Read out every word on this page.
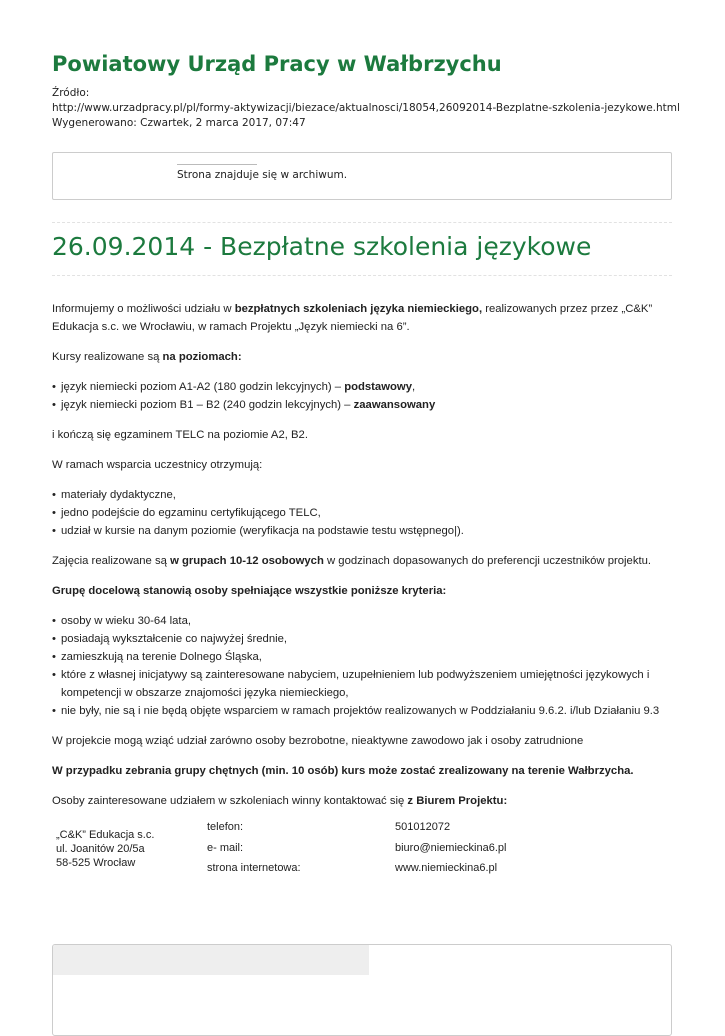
Powiatowy Urząd Pracy w Wałbrzychu
Źródło:
http://www.urzadpracy.pl/pl/formy-aktywizacji/biezace/aktualnosci/18054,26092014-Bezplatne-szkolenia-jezykowe.html
Wygenerowano: Czwartek, 2 marca 2017, 07:47
Strona znajduje się w archiwum.
26.09.2014 - Bezpłatne szkolenia językowe

Informujemy o możliwości udziału w bezpłatnych szkoleniach języka niemieckiego, realizowanych przez przez „C&K” Edukacja s.c. we Wrocławiu, w ramach Projektu „Język niemiecki na 6”.

Kursy realizowane są na poziomach:

• język niemiecki poziom A1-A2 (180 godzin lekcyjnych) – podstawowy,
• język niemiecki poziom B1 – B2 (240 godzin lekcyjnych) – zaawansowany

i kończą się egzaminem TELC na poziomie A2, B2.

W ramach wsparcia uczestnicy otrzymują:

• materiały dydaktyczne,
• jedno podejście do egzaminu certyfikującego TELC,
• udział w kursie na danym poziomie (weryfikacja na podstawie testu wstępnego|).

Zajęcia realizowane są w grupach 10-12 osobowych w godzinach dopasowanych do preferencji uczestników projektu.

Grupę docelową stanowią osoby spełniające wszystkie poniższe kryteria:

• osoby w wieku 30-64 lata,
• posiadają wykształcenie co najwyżej średnie,
• zamieszkują na terenie Dolnego Śląska,
• które z własnej inicjatywy są zainteresowane nabyciem, uzupełnieniem lub podwyższeniem umiejętności językowych i kompetencji w obszarze znajomości języka niemieckiego,
• nie były, nie są i nie będą objęte wsparciem w ramach projektów realizowanych w Poddziałaniu 9.6.2. i/lub Działaniu 9.3

W projekcie mogą wziąć udział zarówno osoby bezrobotne, nieaktywne zawodowo jak i osoby zatrudnione

W przypadku zebrania grupy chętnych (min. 10 osób) kurs może zostać zrealizowany na terenie Wałbrzycha.

Osoby zainteresowane udziałem w szkoleniach winny kontaktować się z Biurem Projektu:

„C&K” Edukacja s.c.
ul. Joanitów 20/5a
58-525 Wrocław
telefon:	501012072
e- mail:	biuro@niemieckina6.pl
strona internetowa:	www.niemieckina6.pl
